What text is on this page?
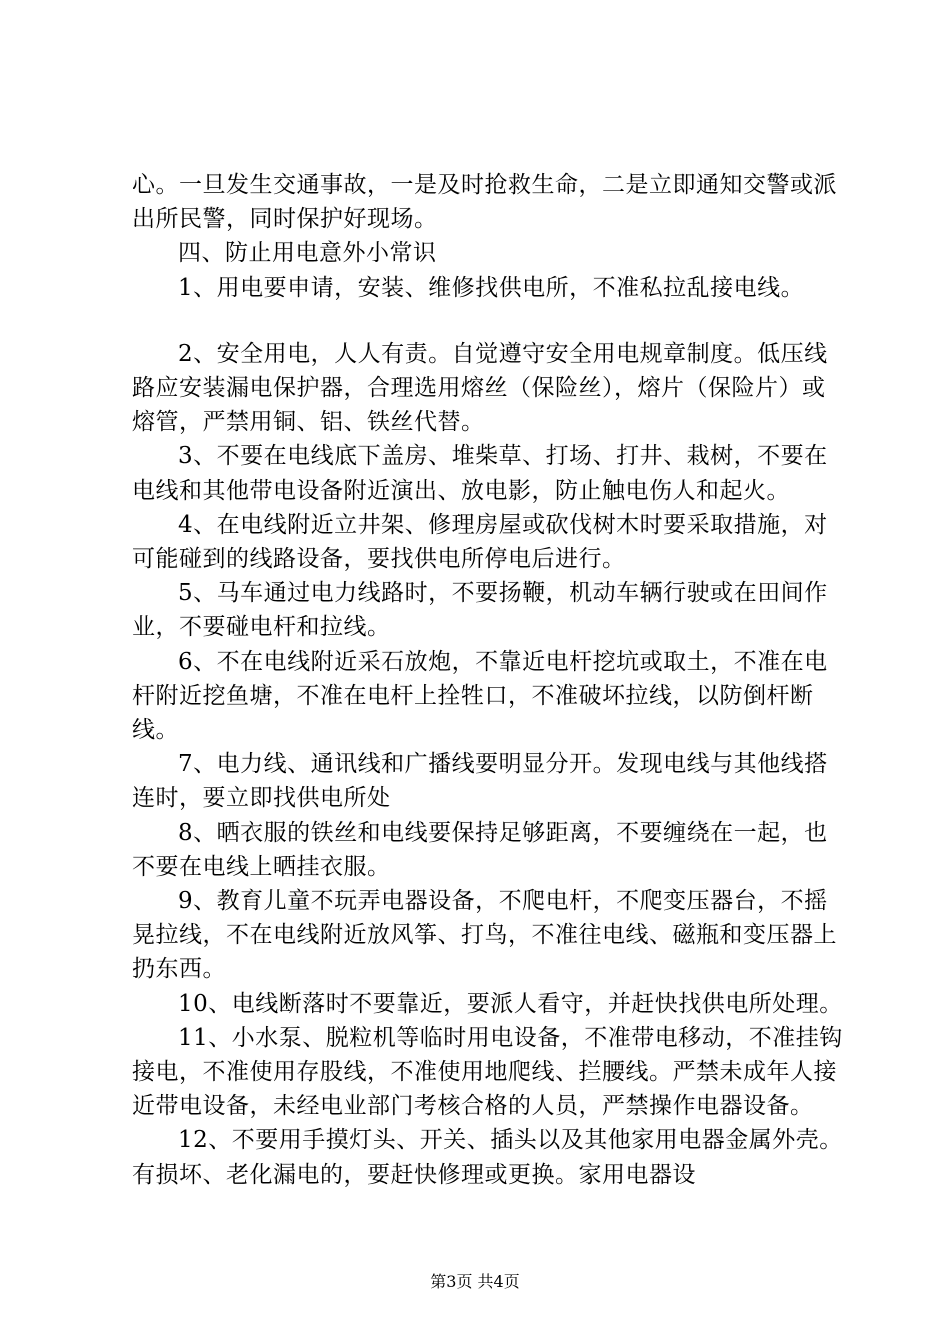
心。一旦发生交通事故，一是及时抢救生命，二是立即通知交警或派出所民警，同时保护好现场。

四、防止用电意外小常识

1、用电要申请，安装、维修找供电所，不准私拉乱接电线。

2、安全用电，人人有责。自觉遵守安全用电规章制度。低压线路应安装漏电保护器，合理选用熔丝（保险丝），熔片（保险片）或熔管，严禁用铜、铝、铁丝代替。

3、不要在电线底下盖房、堆柴草、打场、打井、栽树，不要在电线和其他带电设备附近演出、放电影，防止触电伤人和起火。

4、在电线附近立井架、修理房屋或砍伐树木时要采取措施，对可能碰到的线路设备，要找供电所停电后进行。

5、马车通过电力线路时，不要扬鞭，机动车辆行驶或在田间作业，不要碰电杆和拉线。

6、不在电线附近采石放炮，不靠近电杆挖坑或取土，不准在电杆附近挖鱼塘，不准在电杆上拴牲口，不准破坏拉线，以防倒杆断线。

7、电力线、通讯线和广播线要明显分开。发现电线与其他线搭连时，要立即找供电所处

8、晒衣服的铁丝和电线要保持足够距离，不要缠绕在一起，也不要在电线上晒挂衣服。

9、教育儿童不玩弄电器设备，不爬电杆，不爬变压器台，不摇晃拉线，不在电线附近放风筝、打鸟，不准往电线、磁瓶和变压器上扔东西。

10、电线断落时不要靠近，要派人看守，并赶快找供电所处理。

11、小水泵、脱粒机等临时用电设备，不准带电移动，不准挂钩接电，不准使用存股线，不准使用地爬线、拦腰线。严禁未成年人接近带电设备，未经电业部门考核合格的人员，严禁操作电器设备。

12、不要用手摸灯头、开关、插头以及其他家用电器金属外壳。有损坏、老化漏电的，要赶快修理或更换。家用电器设

第3页 共4页
